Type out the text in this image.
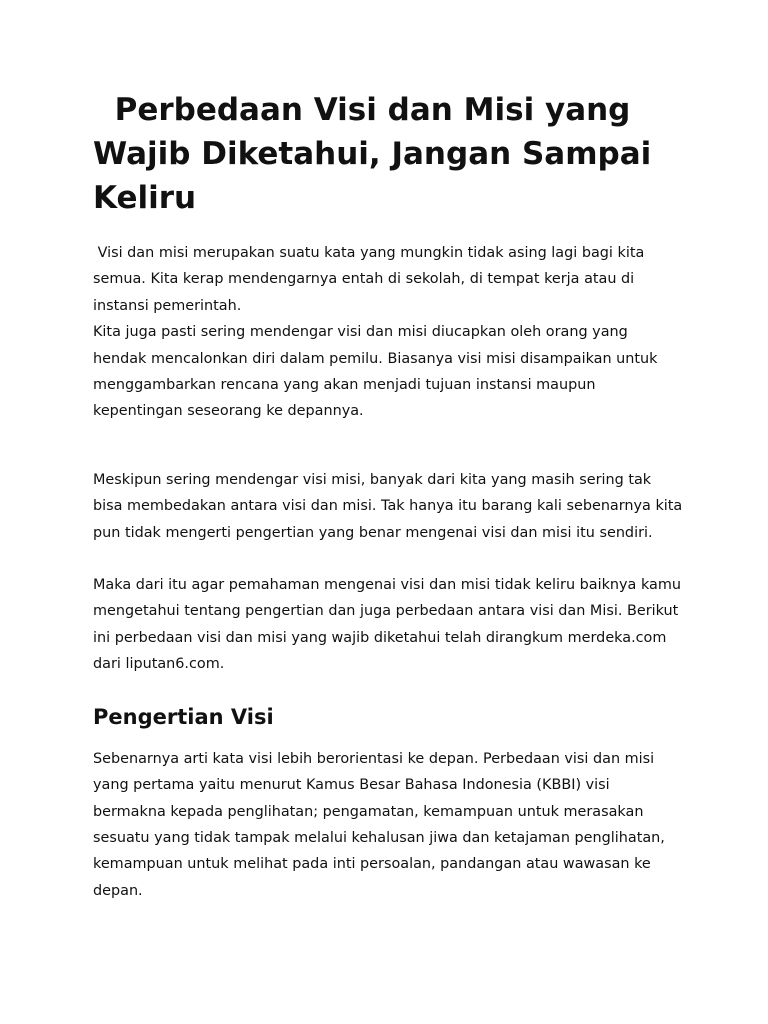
Perbedaan Visi dan Misi yang Wajib Diketahui, Jangan Sampai Keliru

Visi dan misi merupakan suatu kata yang mungkin tidak asing lagi bagi kita semua. Kita kerap mendengarnya entah di sekolah, di tempat kerja atau di instansi pemerintah.

Kita juga pasti sering mendengar visi dan misi diucapkan oleh orang yang hendak mencalonkan diri dalam pemilu. Biasanya visi misi disampaikan untuk menggambarkan rencana yang akan menjadi tujuan instansi maupun kepentingan seseorang ke depannya.

Meskipun sering mendengar visi misi, banyak dari kita yang masih sering tak bisa membedakan antara visi dan misi. Tak hanya itu barang kali sebenarnya kita pun tidak mengerti pengertian yang benar mengenai visi dan misi itu sendiri.

Maka dari itu agar pemahaman mengenai visi dan misi tidak keliru baiknya kamu mengetahui tentang pengertian dan juga perbedaan antara visi dan Misi. Berikut ini perbedaan visi dan misi yang wajib diketahui telah dirangkum merdeka.com dari liputan6.com.

Pengertian Visi

Sebenarnya arti kata visi lebih berorientasi ke depan. Perbedaan visi dan misi yang pertama yaitu menurut Kamus Besar Bahasa Indonesia (KBBI) visi bermakna kepada penglihatan; pengamatan, kemampuan untuk merasakan sesuatu yang tidak tampak melalui kehalusan jiwa dan ketajaman penglihatan, kemampuan untuk melihat pada inti persoalan, pandangan atau wawasan ke depan.
